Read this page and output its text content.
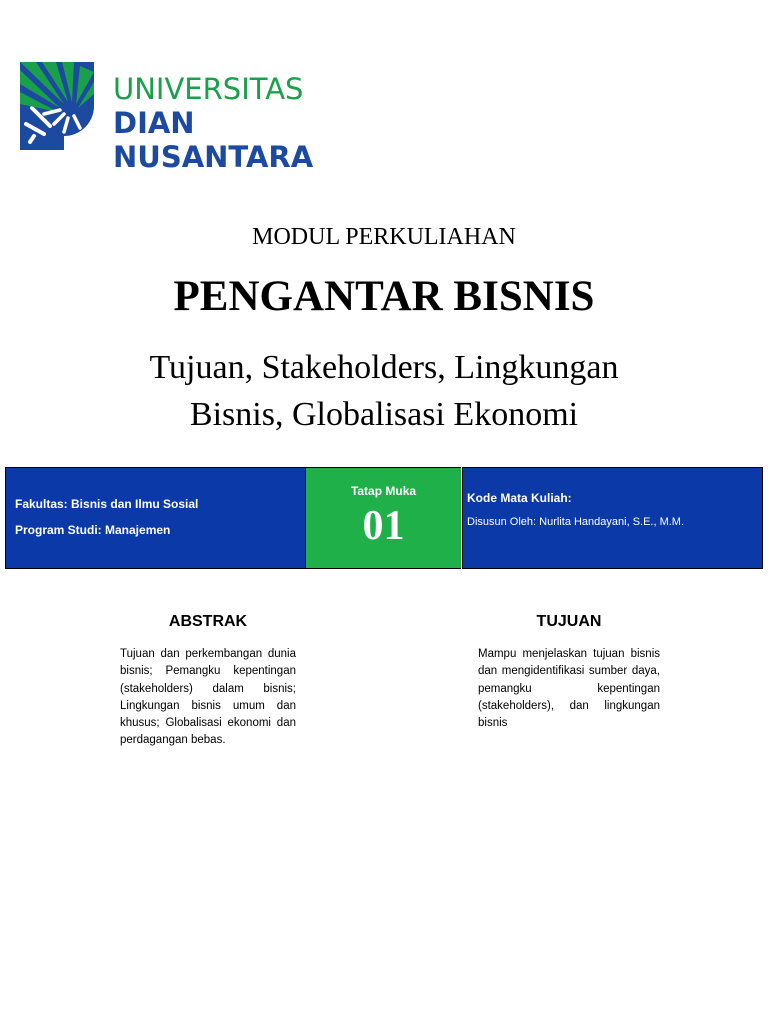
UNIVERSITAS
DIAN NUSANTARA
MODUL PERKULIAHAN
PENGANTAR BISNIS
Tujuan, Stakeholders, Lingkungan
Bisnis, Globalisasi Ekonomi
Fakultas: Bisnis dan Ilmu Sosial
Program Studi: Manajemen
Tatap Muka
01
Kode Mata Kuliah:
Disusun Oleh: Nurlita Handayani, S.E., M.M.
ABSTRAK
Tujuan dan perkembangan dunia bisnis; Pemangku kepentingan (stakeholders) dalam bisnis; Lingkungan bisnis umum dan khusus; Globalisasi ekonomi dan perdagangan bebas.
TUJUAN
Mampu menjelaskan tujuan bisnis dan mengidentifikasi sumber daya, pemangku kepentingan (stakeholders), dan lingkungan bisnis
